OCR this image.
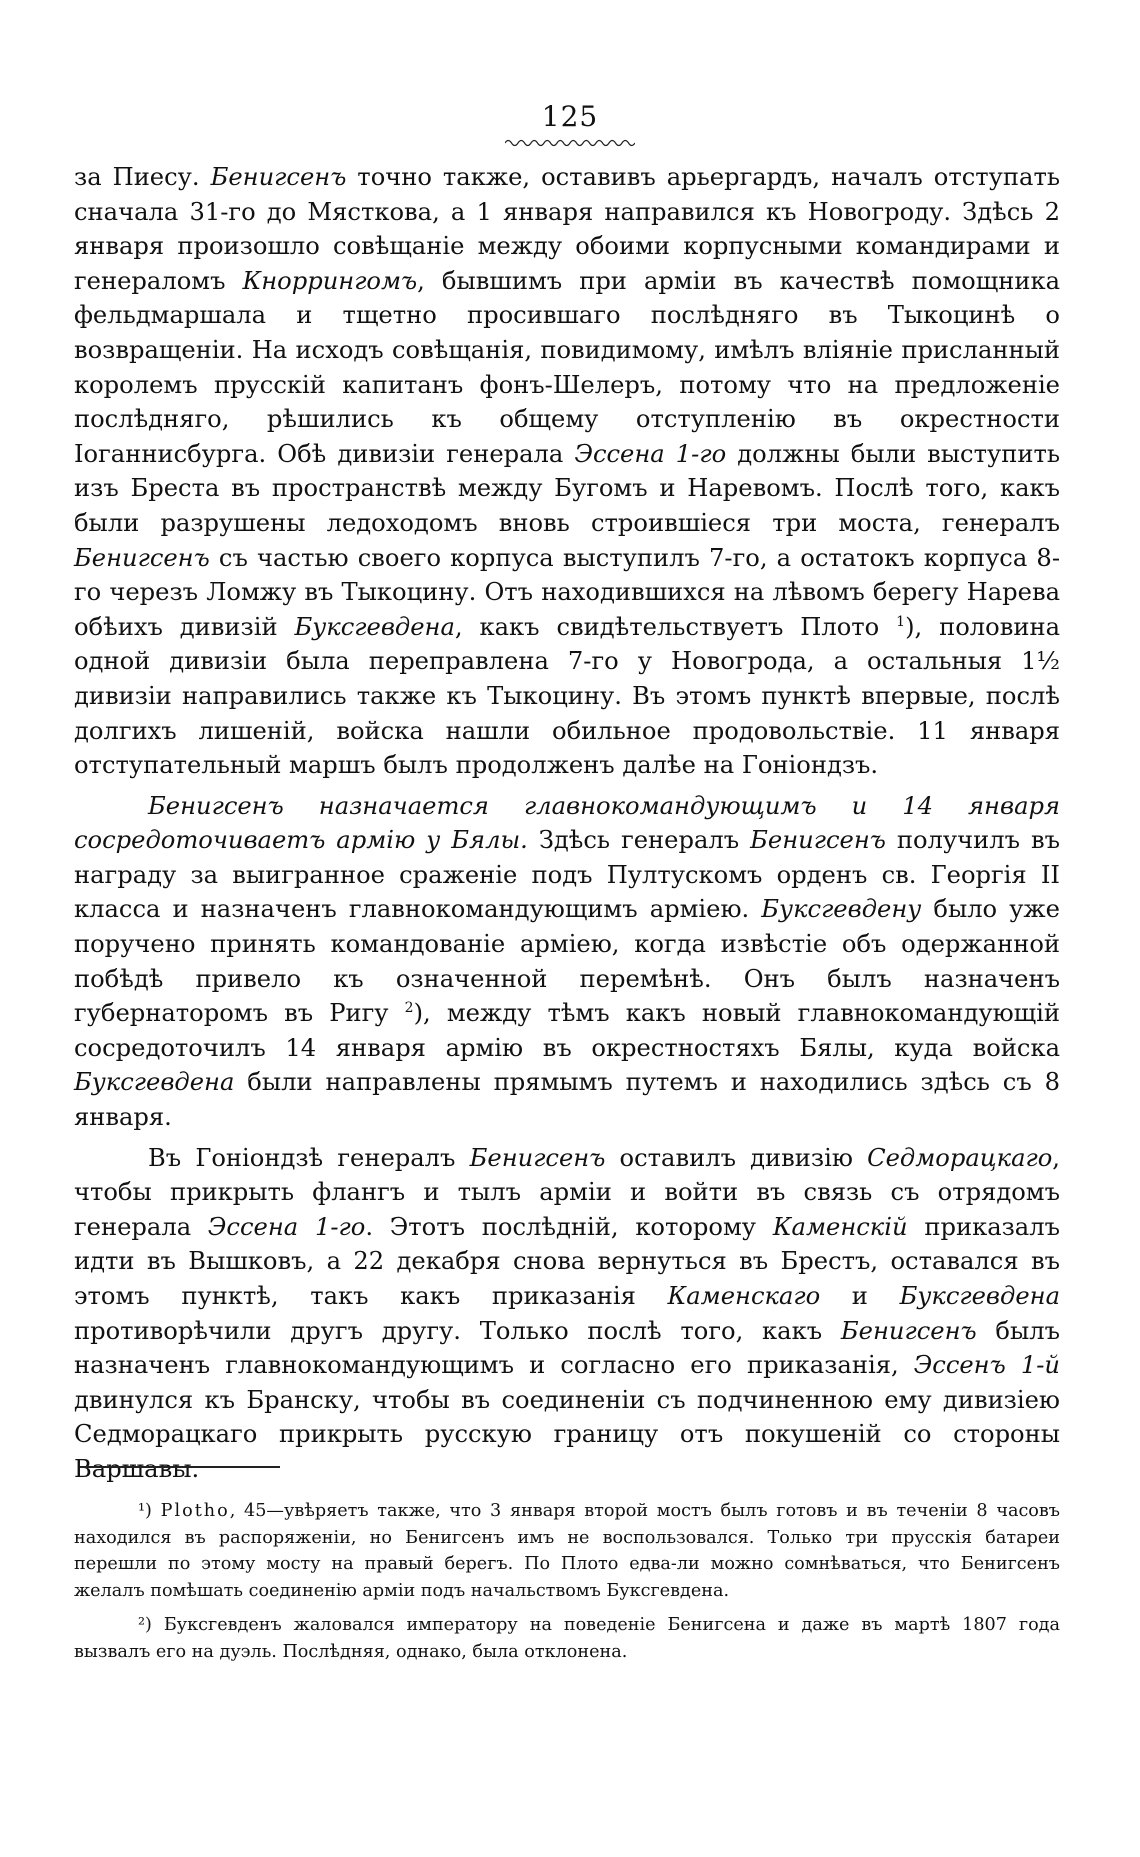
125

за Пиесу. Бенигсенъ точно также, оставивъ арьергардъ, началъ отступать сначала 31-го до Мясткова, а 1 января направился къ Новогроду. Здѣсь 2 января произошло совѣщаніе между обоими корпусными командирами и генераломъ Кноррингомъ, бывшимъ при арміи въ качествѣ помощника фельдмаршала и тщетно просившаго послѣдняго въ Тыкоцинѣ о возвращеніи. На исходъ совѣщанія, повидимому, имѣлъ вліяніе присланный королемъ прусскій капитанъ фонъ-Шелеръ, потому что на предложеніе послѣдняго, рѣшились къ общему отступленію въ окрестности Іоганнисбурга. Обѣ дивизіи генерала Эссена 1-го должны были выступить изъ Бреста въ пространствѣ между Бугомъ и Наревомъ. Послѣ того, какъ были разрушены ледоходомъ вновь строившіеся три моста, генералъ Бенигсенъ съ частью своего корпуса выступилъ 7-го, а остатокъ корпуса 8-го черезъ Ломжу въ Тыкоцину. Отъ находившихся на лѣвомъ берегу Нарева обѣихъ дивизій Буксгевдена, какъ свидѣтельствуетъ Плото $^1$), половина одной дивизіи была переправлена 7-го у Новогрода, а остальныя 1½ дивизіи направились также къ Тыкоцину. Въ этомъ пунктѣ впервые, послѣ долгихъ лишеній, войска нашли обильное продовольствіе. 11 января отступательный маршъ былъ продолженъ далѣе на Гоніондзъ.

Бенигсенъ назначается главнокомандующимъ и 14 января сосредоточиваетъ армію у Бялы. Здѣсь генералъ Бенигсенъ получилъ въ награду за выигранное сраженіе подъ Пултускомъ орденъ св. Георгія II класса и назначенъ главнокомандующимъ арміею. Буксгевдену было уже поручено принять командованіе арміею, когда извѣстіе объ одержанной побѣдѣ привело къ означенной перемѣнѣ. Онъ былъ назначенъ губернаторомъ въ Ригу $^2$), между тѣмъ какъ новый главнокомандующій сосредоточилъ 14 января армію въ окрестностяхъ Бялы, куда войска Буксгевдена были направлены прямымъ путемъ и находились здѣсь съ 8 января.

Въ Гоніондзѣ генералъ Бенигсенъ оставилъ дивизію Седморацкаго, чтобы прикрыть флангъ и тылъ арміи и войти въ связь съ отрядомъ генерала Эссена 1-го. Этотъ послѣдній, которому Каменскій приказалъ идти въ Вышковъ, а 22 декабря снова вернуться въ Брестъ, оставался въ этомъ пунктѣ, такъ какъ приказанія Каменскаго и Буксгевдена противорѣчили другъ другу. Только послѣ того, какъ Бенигсенъ былъ назначенъ главнокомандующимъ и согласно его приказанія, Эссенъ 1-й двинулся къ Бранску, чтобы въ соединеніи съ подчиненною ему дивизіею Седморацкаго прикрыть русскую границу отъ покушеній со стороны Варшавы.

¹) Plotho, 45—увѣряетъ также, что 3 января второй мостъ былъ готовъ и въ теченіи 8 часовъ находился въ распоряженіи, но Бенигсенъ имъ не воспользовался. Только три прусскія батареи перешли по этому мосту на правый берегъ. По Плото едва-ли можно сомнѣваться, что Бенигсенъ желалъ помѣшать соединенію арміи подъ начальствомъ Буксгевдена.

²) Буксгевденъ жаловался императору на поведеніе Бенигсена и даже въ мартѣ 1807 года вызвалъ его на дуэль. Послѣдняя, однако, была отклонена.
